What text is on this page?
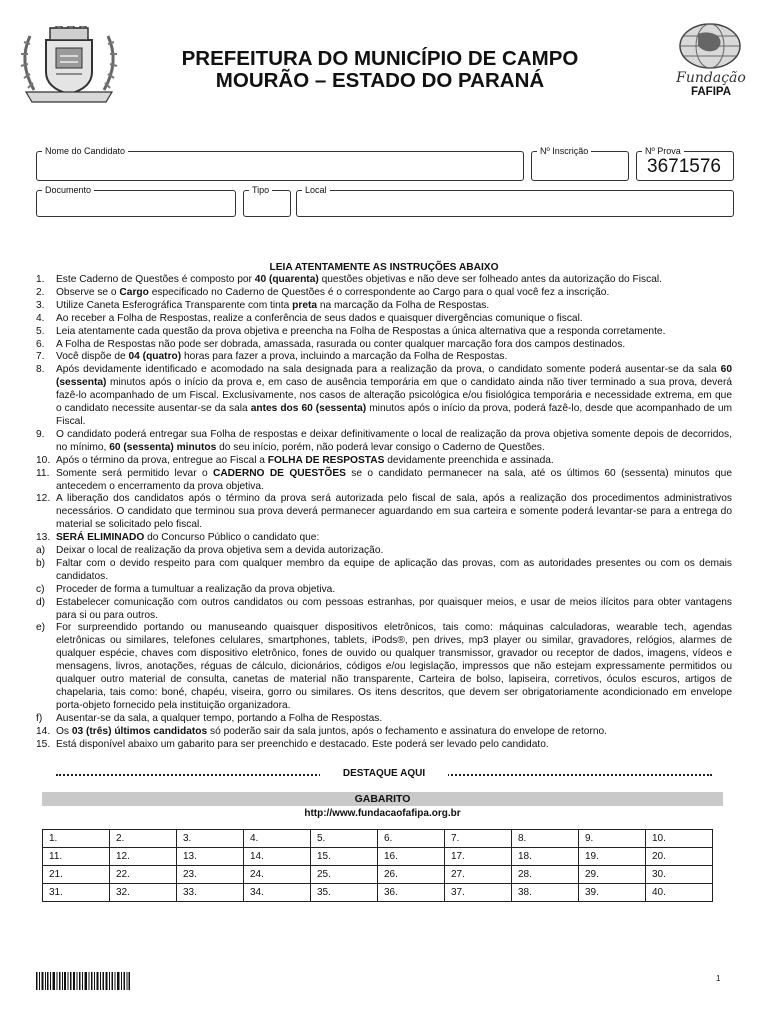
PREFEITURA DO MUNICÍPIO DE CAMPO
MOURÃO – ESTADO DO PARANÁ	Fundação
FAFIPA
Nome do Candidato	Nº Inscrição	Nº Prova
3671576
Documento	Tipo	Local
LEIA ATENTAMENTE AS INSTRUÇÕES ABAIXO
1.	Este Caderno de Questões é composto por 40 (quarenta) questões objetivas e não deve ser folheado antes da autorização do Fiscal.
2.	Observe se o Cargo especificado no Caderno de Questões é o correspondente ao Cargo para o qual você fez a inscrição.
3.	Utilize Caneta Esferográfica Transparente com tinta preta na marcação da Folha de Respostas.
4.	Ao receber a Folha de Respostas, realize a conferência de seus dados e quaisquer divergências comunique o fiscal.
5.	Leia atentamente cada questão da prova objetiva e preencha na Folha de Respostas a única alternativa que a responda corretamente.
6.	A Folha de Respostas não pode ser dobrada, amassada, rasurada ou conter qualquer marcação fora dos campos destinados.
7.	Você dispõe de 04 (quatro) horas para fazer a prova, incluindo a marcação da Folha de Respostas.
8.	Após devidamente identificado e acomodado na sala designada para a realização da prova, o candidato somente poderá ausentar-se da sala 60 (sessenta) minutos após o início da prova e, em caso de ausência temporária em que o candidato ainda não tiver terminado a sua prova, deverá fazê-lo acompanhado de um Fiscal. Exclusivamente, nos casos de alteração psicológica e/ou fisiológica temporária e necessidade extrema, em que o candidato necessite ausentar-se da sala antes dos 60 (sessenta) minutos após o início da prova, poderá fazê-lo, desde que acompanhado de um Fiscal.
9.	O candidato poderá entregar sua Folha de respostas e deixar definitivamente o local de realização da prova objetiva somente depois de decorridos, no mínimo, 60 (sessenta) minutos do seu início, porém, não poderá levar consigo o Caderno de Questões.
10. Após o término da prova, entregue ao Fiscal a FOLHA DE RESPOSTAS devidamente preenchida e assinada.
11. Somente será permitido levar o CADERNO DE QUESTÕES se o candidato permanecer na sala, até os últimos 60 (sessenta) minutos que antecedem o encerramento da prova objetiva.
12. A liberação dos candidatos após o término da prova será autorizada pelo fiscal de sala, após a realização dos procedimentos administrativos necessários. O candidato que terminou sua prova deverá permanecer aguardando em sua carteira e somente poderá levantar-se para a entrega do material se solicitado pelo fiscal.
13. SERÁ ELIMINADO do Concurso Público o candidato que:
a)	Deixar o local de realização da prova objetiva sem a devida autorização.
b)	Faltar com o devido respeito para com qualquer membro da equipe de aplicação das provas, com as autoridades presentes ou com os demais candidatos.
c)	Proceder de forma a tumultuar a realização da prova objetiva.
d)	Estabelecer comunicação com outros candidatos ou com pessoas estranhas, por quaisquer meios, e usar de meios ilícitos para obter vantagens para si ou para outros.
e)	For surpreendido portando ou manuseando quaisquer dispositivos eletrônicos, tais como: máquinas calculadoras, wearable tech, agendas eletrônicas ou similares, telefones celulares, smartphones, tablets, iPods®, pen drives, mp3 player ou similar, gravadores, relógios, alarmes de qualquer espécie, chaves com dispositivo eletrônico, fones de ouvido ou qualquer transmissor, gravador ou receptor de dados, imagens, vídeos e mensagens, livros, anotações, réguas de cálculo, dicionários, códigos e/ou legislação, impressos que não estejam expressamente permitidos ou qualquer outro material de consulta, canetas de material não transparente, Carteira de bolso, lapiseira, corretivos, óculos escuros, artigos de chapelaria, tais como: boné, chapéu, viseira, gorro ou similares. Os itens descritos, que devem ser obrigatoriamente acondicionado em envelope porta-objeto fornecido pela instituição organizadora.
f)	Ausentar-se da sala, a qualquer tempo, portando a Folha de Respostas.
14. Os 03 (três) últimos candidatos só poderão sair da sala juntos, após o fechamento e assinatura do envelope de retorno.
15. Está disponível abaixo um gabarito para ser preenchido e destacado. Este poderá ser levado pelo candidato.
DESTAQUE AQUI
GABARITO
http://www.fundacaofafipa.org.br
1.	2.	3.	4.	5.	6.	7.	8.	9.	10.
11.	12.	13.	14.	15.	16.	17.	18.	19.	20.
21.	22.	23.	24.	25.	26.	27.	28.	29.	30.
31.	32.	33.	34.	35.	36.	37.	38.	39.	40.
1
